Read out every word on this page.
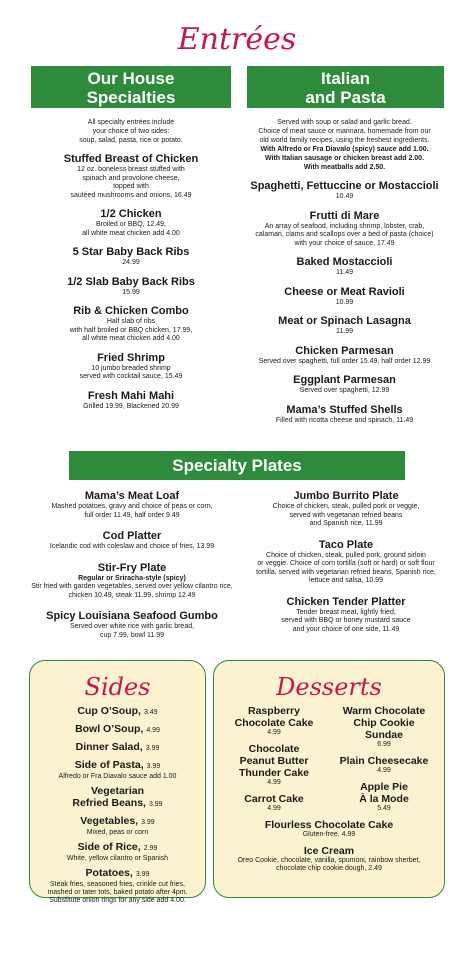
Entrées
Our House
Specialties
Italian
and Pasta
All specialty entrées include
your choice of two sides:
soup, salad, pasta, rice or potato.
Stuffed Breast of Chicken
12 oz. boneless breast stuffed with
spinach and provolone cheese,
topped with
sautéed mushrooms and onions, 16.49
1/2 Chicken
Broiled or BBQ, 12.49,
all white meat chicken add 4.00
5 Star Baby Back Ribs
24.99
1/2 Slab Baby Back Ribs
15.99
Rib & Chicken Combo
Half slab of ribs
with half broiled or BBQ chicken, 17.99,
all white meat chicken add 4.00
Fried Shrimp
10 jumbo breaded shrimp
served with cocktail sauce, 15.49
Fresh Mahi Mahi
Grilled 19.99, Blackened 20.99
Served with soup or salad and garlic bread.
Choice of meat sauce or marinara, homemade from our
old world family recipes, using the freshest ingredients.
With Alfredo or Fra Diavalo (spicy) sauce add 1.00.
With Italian sausage or chicken breast add 2.00.
With meatballs add 2.50.
Spaghetti, Fettuccine or Mostaccioli
10.49
Frutti di Mare
An array of seafood, including shrimp, lobster, crab,
calamari, clams and scallops over a bed of pasta (choice)
with your choice of sauce, 17.49
Baked Mostaccioli
11.49
Cheese or Meat Ravioli
10.99
Meat or Spinach Lasagna
11.99
Chicken Parmesan
Served over spaghetti, full order 15.49, half order 12.99
Eggplant Parmesan
Served over spaghetti, 12.99
Mama’s Stuffed Shells
Filled with ricotta cheese and spinach, 11.49
Specialty Plates
Mama’s Meat Loaf
Mashed potatoes, gravy and choice of peas or corn,
full order 11.49, half order 9.49
Cod Platter
Icelandic cod with coleslaw and choice of fries, 13.99
Stir-Fry Plate
Regular or Sriracha-style (spicy)
Stir fried with garden vegetables, served over yellow cilantro rice,
chicken 10.49, steak 11.99, shrimp 12.49
Spicy Louisiana Seafood Gumbo
Served over white rice with garlic bread,
cup 7.99, bowl 11.99
Jumbo Burrito Plate
Choice of chicken, steak, pulled pork or veggie,
served with vegetarian refried beans
and Spanish rice, 11.99
Taco Plate
Choice of chicken, steak, pulled pork, ground sirloin
or veggie. Choice of corn tortilla (soft or hard) or soft flour
tortilla, served with vegetarian refried beans, Spanish rice,
lettuce and salsa, 10.99
Chicken Tender Platter
Tender breast meat, lightly fried,
served with BBQ or honey mustard sauce
and your choice of one side, 11.49
Sides
Cup O’Soup, 3.49
Bowl O’Soup, 4.99
Dinner Salad, 3.99
Side of Pasta, 3.99
Alfredo or Fra Diavalo sauce add 1.00
Vegetarian
Refried Beans, 3.99
Vegetables, 3.99
Mixed, peas or corn
Side of Rice, 2.99
White, yellow cilantro or Spanish
Potatoes, 3.99
Steak fries, seasoned fries, crinkle cut fries,
mashed or tater tots, baked potato after 4pm.
Substitute onion rings for any side add 4.00.
Desserts
Raspberry
Chocolate Cake
4.99
Chocolate
Peanut Butter
Thunder Cake
4.99
Carrot Cake
4.99
Warm Chocolate
Chip Cookie
Sundae
6.99
Plain Cheesecake
4.99
Apple Pie
À la Mode
5.49
Flourless Chocolate Cake
Gluten-free, 4.99
Ice Cream
Oreo Cookie, chocolate, vanilla, spumoni, rainbow sherbet,
chocolate chip cookie dough, 2.49
